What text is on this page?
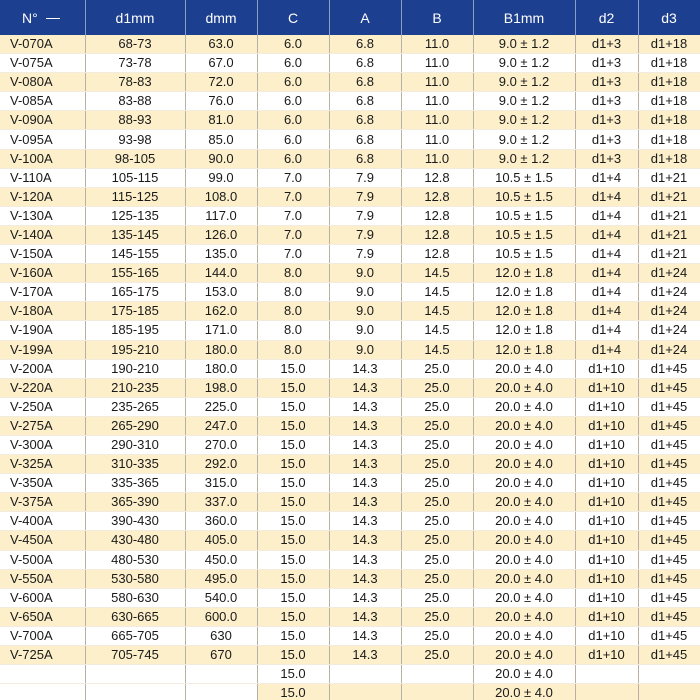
N°	d1mm	dmm	C	A	B	B1mm	d2	d3
V-070A	68-73	63.0	6.0	6.8	11.0	9.0 ± 1.2	d1+3	d1+18
V-075A	73-78	67.0	6.0	6.8	11.0	9.0 ± 1.2	d1+3	d1+18
V-080A	78-83	72.0	6.0	6.8	11.0	9.0 ± 1.2	d1+3	d1+18
V-085A	83-88	76.0	6.0	6.8	11.0	9.0 ± 1.2	d1+3	d1+18
V-090A	88-93	81.0	6.0	6.8	11.0	9.0 ± 1.2	d1+3	d1+18
V-095A	93-98	85.0	6.0	6.8	11.0	9.0 ± 1.2	d1+3	d1+18
V-100A	98-105	90.0	6.0	6.8	11.0	9.0 ± 1.2	d1+3	d1+18
V-110A	105-115	99.0	7.0	7.9	12.8	10.5 ± 1.5	d1+4	d1+21
V-120A	115-125	108.0	7.0	7.9	12.8	10.5 ± 1.5	d1+4	d1+21
V-130A	125-135	117.0	7.0	7.9	12.8	10.5 ± 1.5	d1+4	d1+21
V-140A	135-145	126.0	7.0	7.9	12.8	10.5 ± 1.5	d1+4	d1+21
V-150A	145-155	135.0	7.0	7.9	12.8	10.5 ± 1.5	d1+4	d1+21
V-160A	155-165	144.0	8.0	9.0	14.5	12.0 ± 1.8	d1+4	d1+24
V-170A	165-175	153.0	8.0	9.0	14.5	12.0 ± 1.8	d1+4	d1+24
V-180A	175-185	162.0	8.0	9.0	14.5	12.0 ± 1.8	d1+4	d1+24
V-190A	185-195	171.0	8.0	9.0	14.5	12.0 ± 1.8	d1+4	d1+24
V-199A	195-210	180.0	8.0	9.0	14.5	12.0 ± 1.8	d1+4	d1+24
V-200A	190-210	180.0	15.0	14.3	25.0	20.0 ± 4.0	d1+10	d1+45
V-220A	210-235	198.0	15.0	14.3	25.0	20.0 ± 4.0	d1+10	d1+45
V-250A	235-265	225.0	15.0	14.3	25.0	20.0 ± 4.0	d1+10	d1+45
V-275A	265-290	247.0	15.0	14.3	25.0	20.0 ± 4.0	d1+10	d1+45
V-300A	290-310	270.0	15.0	14.3	25.0	20.0 ± 4.0	d1+10	d1+45
V-325A	310-335	292.0	15.0	14.3	25.0	20.0 ± 4.0	d1+10	d1+45
V-350A	335-365	315.0	15.0	14.3	25.0	20.0 ± 4.0	d1+10	d1+45
V-375A	365-390	337.0	15.0	14.3	25.0	20.0 ± 4.0	d1+10	d1+45
V-400A	390-430	360.0	15.0	14.3	25.0	20.0 ± 4.0	d1+10	d1+45
V-450A	430-480	405.0	15.0	14.3	25.0	20.0 ± 4.0	d1+10	d1+45
V-500A	480-530	450.0	15.0	14.3	25.0	20.0 ± 4.0	d1+10	d1+45
V-550A	530-580	495.0	15.0	14.3	25.0	20.0 ± 4.0	d1+10	d1+45
V-600A	580-630	540.0	15.0	14.3	25.0	20.0 ± 4.0	d1+10	d1+45
V-650A	630-665	600.0	15.0	14.3	25.0	20.0 ± 4.0	d1+10	d1+45
V-700A	665-705	630	15.0	14.3	25.0	20.0 ± 4.0	d1+10	d1+45
V-725A	705-745	670	15.0	14.3	25.0	20.0 ± 4.0	d1+10	d1+45
			15.0			20.0 ± 4.0		
			15.0			20.0 ± 4.0		
